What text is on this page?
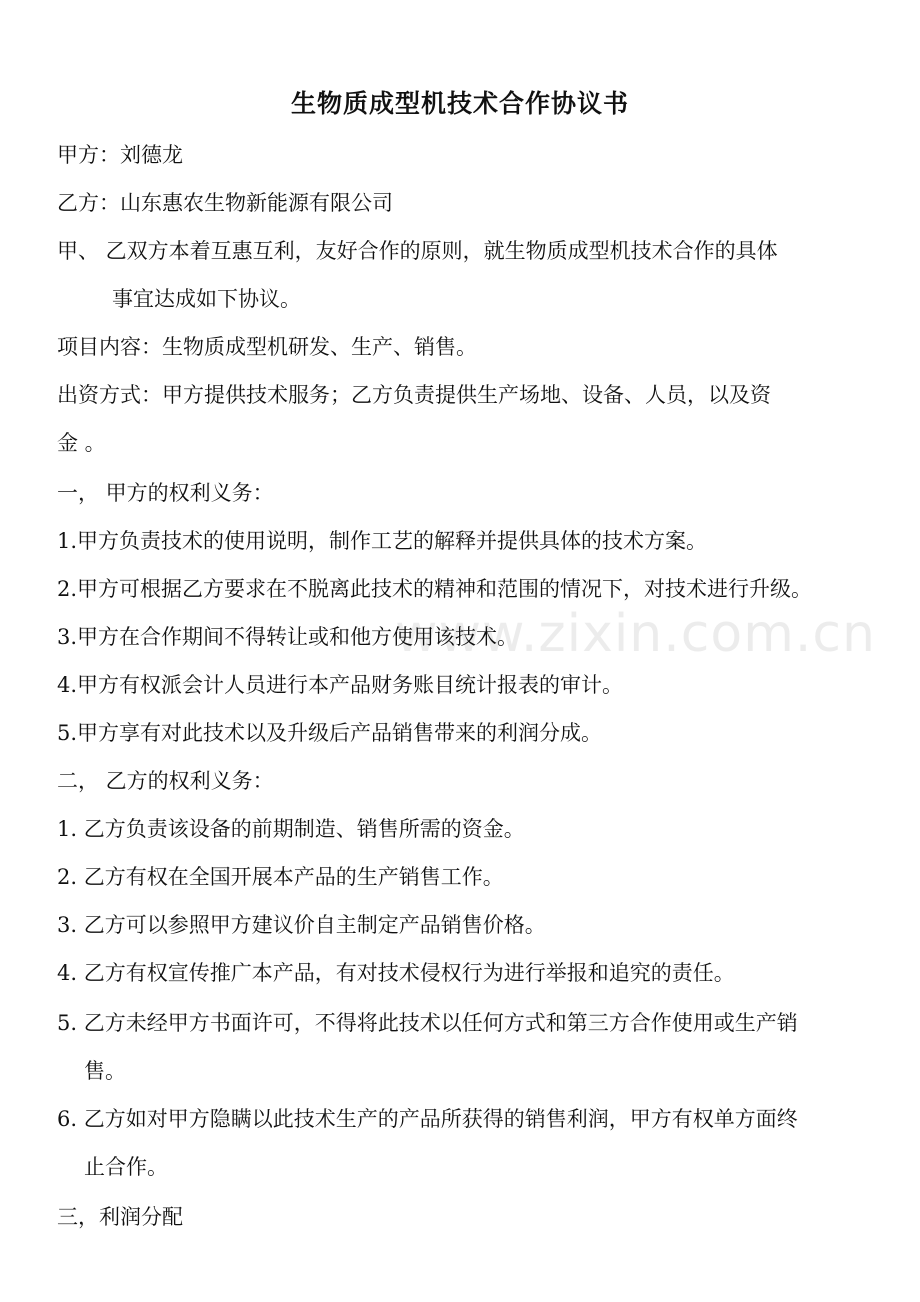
www.zixin.com.cn
生物质成型机技术合作协议书
甲方：刘德龙
乙方：山东惠农生物新能源有限公司
甲、 乙双方本着互惠互利，友好合作的原则，就生物质成型机技术合作的具体
事宜达成如下协议。
项目内容：生物质成型机研发、生产、销售。
出资方式：甲方提供技术服务；乙方负责提供生产场地、设备、人员，以及资
金 。
一， 甲方的权利义务：
1.甲方负责技术的使用说明，制作工艺的解释并提供具体的技术方案。
2.甲方可根据乙方要求在不脱离此技术的精神和范围的情况下，对技术进行升级。
3.甲方在合作期间不得转让或和他方使用该技术。
4.甲方有权派会计人员进行本产品财务账目统计报表的审计。
5.甲方享有对此技术以及升级后产品销售带来的利润分成。
二， 乙方的权利义务：
1. 乙方负责该设备的前期制造、销售所需的资金。
2. 乙方有权在全国开展本产品的生产销售工作。
3. 乙方可以参照甲方建议价自主制定产品销售价格。
4. 乙方有权宣传推广本产品，有对技术侵权行为进行举报和追究的责任。
5. 乙方未经甲方书面许可，不得将此技术以任何方式和第三方合作使用或生产销
售。
6. 乙方如对甲方隐瞒以此技术生产的产品所获得的销售利润，甲方有权单方面终
止合作。
三，利润分配
